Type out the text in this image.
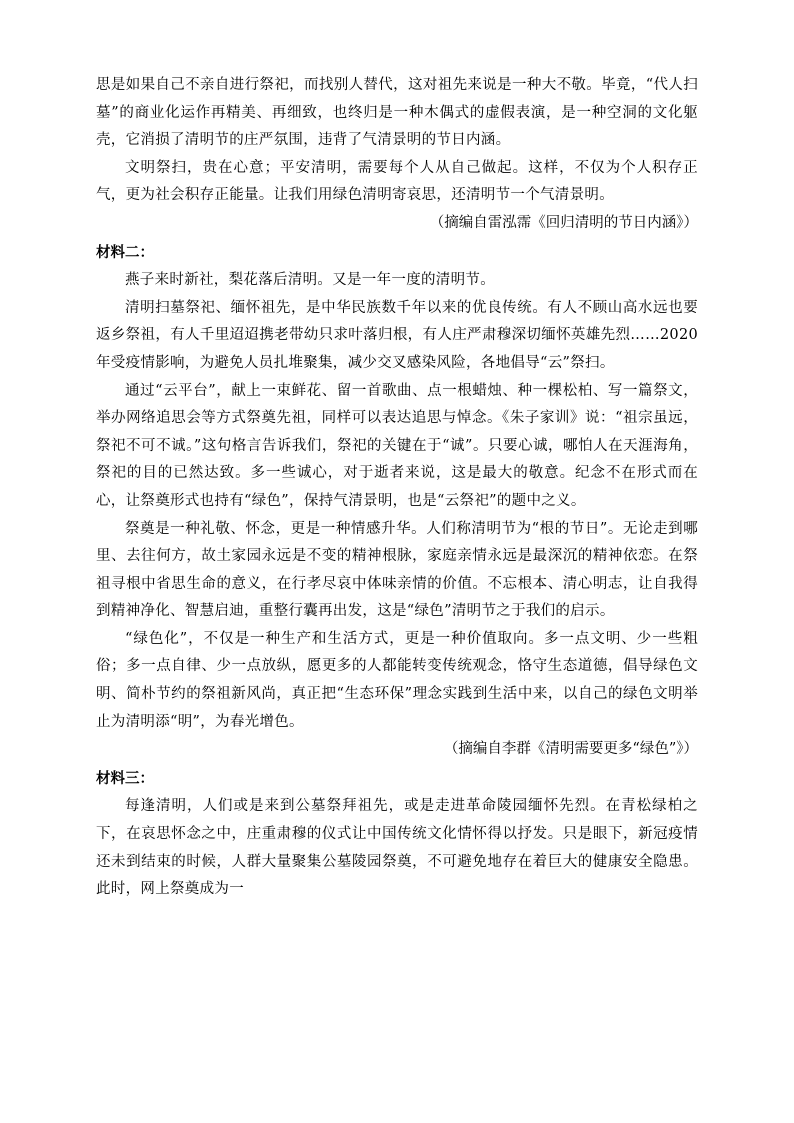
思是如果自己不亲自进行祭祀，而找别人替代，这对祖先来说是一种大不敬。毕竟，“代人扫墓”的商业化运作再精美、再细致，也终归是一种木偶式的虚假表演，是一种空洞的文化躯壳，它消损了清明节的庄严氛围，违背了气清景明的节日内涵。

文明祭扫，贵在心意；平安清明，需要每个人从自己做起。这样，不仅为个人积存正气，更为社会积存正能量。让我们用绿色清明寄哀思，还清明节一个气清景明。

（摘编自雷泓霈《回归清明的节日内涵》）

材料二：

燕子来时新社，梨花落后清明。又是一年一度的清明节。

清明扫墓祭祀、缅怀祖先，是中华民族数千年以来的优良传统。有人不顾山高水远也要返乡祭祖，有人千里迢迢携老带幼只求叶落归根，有人庄严肃穆深切缅怀英雄先烈……2020年受疫情影响，为避免人员扎堆聚集，减少交叉感染风险，各地倡导“云”祭扫。

通过“云平台”，献上一束鲜花、留一首歌曲、点一根蜡烛、种一棵松柏、写一篇祭文，举办网络追思会等方式祭奠先祖，同样可以表达追思与悼念。《朱子家训》说：“祖宗虽远，祭祀不可不诚。”这句格言告诉我们，祭祀的关键在于“诚”。只要心诚，哪怕人在天涯海角，祭祀的目的已然达致。多一些诚心，对于逝者来说，这是最大的敬意。纪念不在形式而在心，让祭奠形式也持有“绿色”，保持气清景明，也是“云祭祀”的题中之义。

祭奠是一种礼敬、怀念，更是一种情感升华。人们称清明节为“根的节日”。无论走到哪里、去往何方，故土家园永远是不变的精神根脉，家庭亲情永远是最深沉的精神依恋。在祭祖寻根中省思生命的意义，在行孝尽哀中体味亲情的价值。不忘根本、清心明志，让自我得到精神净化、智慧启迪，重整行囊再出发，这是“绿色”清明节之于我们的启示。

“绿色化”，不仅是一种生产和生活方式，更是一种价值取向。多一点文明、少一些粗俗；多一点自律、少一点放纵，愿更多的人都能转变传统观念，恪守生态道德，倡导绿色文明、简朴节约的祭祖新风尚，真正把“生态环保”理念实践到生活中来，以自己的绿色文明举止为清明添“明”，为春光增色。

（摘编自李群《清明需要更多“绿色”》）

材料三：

每逢清明，人们或是来到公墓祭拜祖先，或是走进革命陵园缅怀先烈。在青松绿柏之下，在哀思怀念之中，庄重肃穆的仪式让中国传统文化情怀得以抒发。只是眼下，新冠疫情还未到结束的时候，人群大量聚集公墓陵园祭奠，不可避免地存在着巨大的健康安全隐患。此时，网上祭奠成为一
